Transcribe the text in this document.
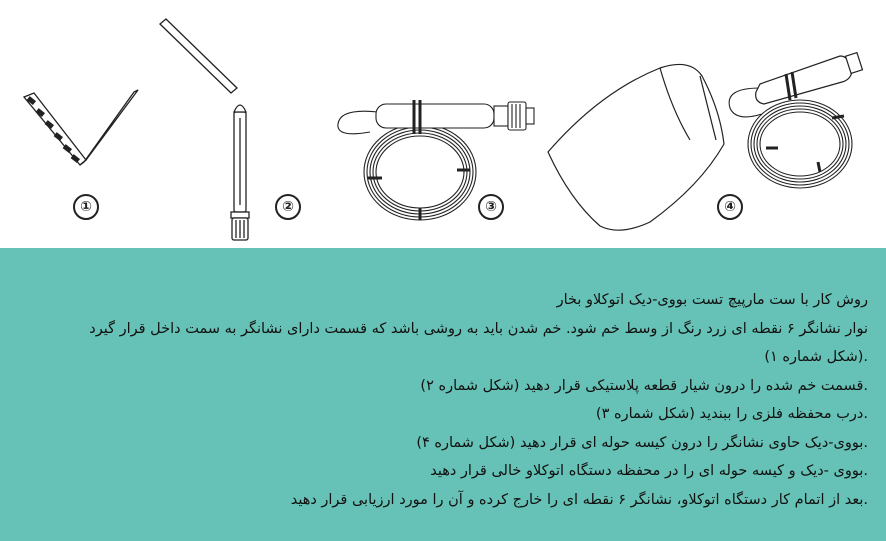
①	②	③	④
روش کار با ست مارپیچ تست بووی-دیک اتوکلاو بخار
نوار نشانگر ۶ نقطه ای زرد رنگ از وسط خم شود. خم شدن باید به روشی باشد که قسمت دارای نشانگر به سمت داخل قرار گیرد
.(شکل شماره ۱)
.قسمت خم شده را درون شیار قطعه پلاستیکی قرار دهید (شکل شماره ۲)
.درب محفظه فلزی را ببندید (شکل شماره ۳)
.بووی-دیک حاوی نشانگر را درون کیسه حوله ای قرار دهید (شکل شماره ۴)
.بووی -دیک و کیسه حوله ای را در محفظه دستگاه اتوکلاو خالی قرار دهید
.بعد از اتمام کار دستگاه اتوکلاو، نشانگر ۶ نقطه ای را خارج کرده و آن را مورد ارزیابی قرار دهید
